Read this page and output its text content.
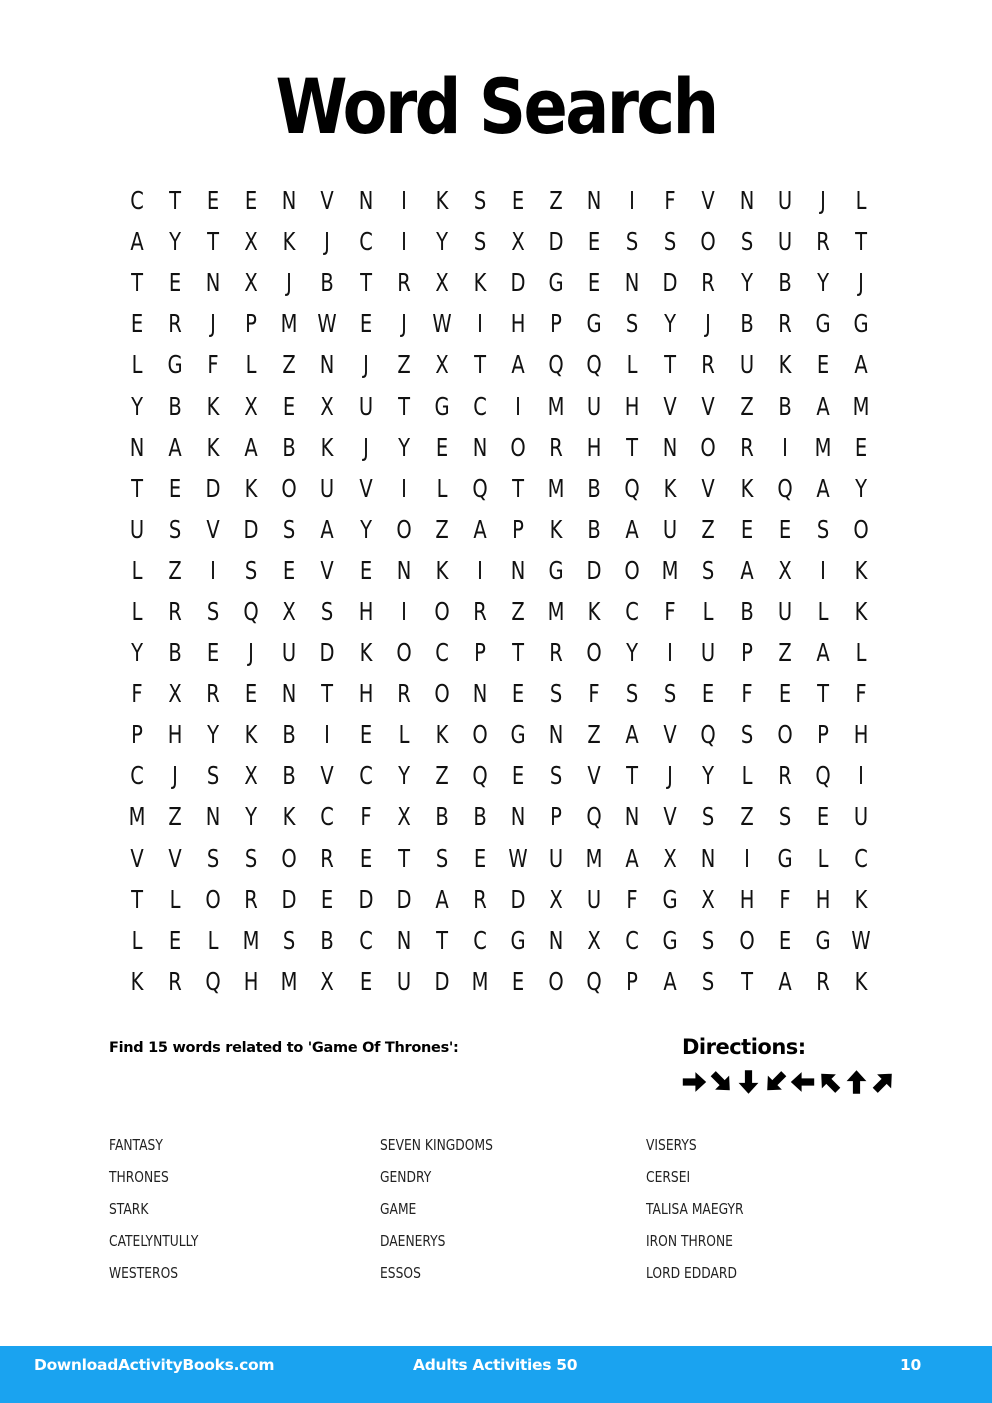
Word Search
C	T	E	E N V N	I	K	S	E	Z N	I	F	V N U	J	L
A	Y	T	X	K	J	C	I	Y	S	X D E	S	S O S U R	T
T	E N X	J	B	T	R X	K D G E N D R	Y	B	Y	J
E	R	J	P M W E	J	W	I	H P G S	Y	J	B R G G
L	G F	L	Z N	J	Z X	T	A Q Q L	T	R U K	E	A
Y	B	K	X	E	X U T G C	I	M U H V V Z B A M
N A	K	A B	K	J	Y	E N O R H T N O R	I	M E
T	E D K O U V	I	L Q T M B Q K	V	K Q A	Y
U S	V D S	A	Y O Z A	P	K	B A U Z	E	E	S O
L	Z	I	S	E	V	E N K	I	N G D O M S	A X	I	K
L	R	S Q X	S H	I	O R Z M K C	F	L	B U	L	K
Y	B	E	J	U D K O C	P	T	R O Y	I	U	P	Z A	L
F	X R	E N T H R O N E	S	F	S	S	E	F	E	T	F
P H Y	K	B	I	E	L	K O G N Z A V Q S O P H
C	J	S	X B V C	Y	Z Q E	S	V	T	J	Y	L	R Q	I
M Z N Y	K C	F	X B B N P Q N V	S	Z	S	E U
V V	S	S O R	E	T	S	E W U M A X N	I	G	L	C
T	L O R D E D D A R D X U	F G X H	F	H K
L	E	L M S	B C N T	C G N X C G S O E G W
K R Q H M X	E U D M E O Q P	A	S	T	A R K
Find 15 words related to 'Game Of Thrones':	Directions:
FANTASY
THRONES
STARK
CATELYNTULLY
WESTEROS
SEVEN KINGDOMS
GENDRY
GAME
DAENERYS
ESSOS
VISERYS
CERSEI
TALISA MAEGYR
IRON THRONE
LORD EDDARD
DownloadActivityBooks.com	Adults Activities 50	10
